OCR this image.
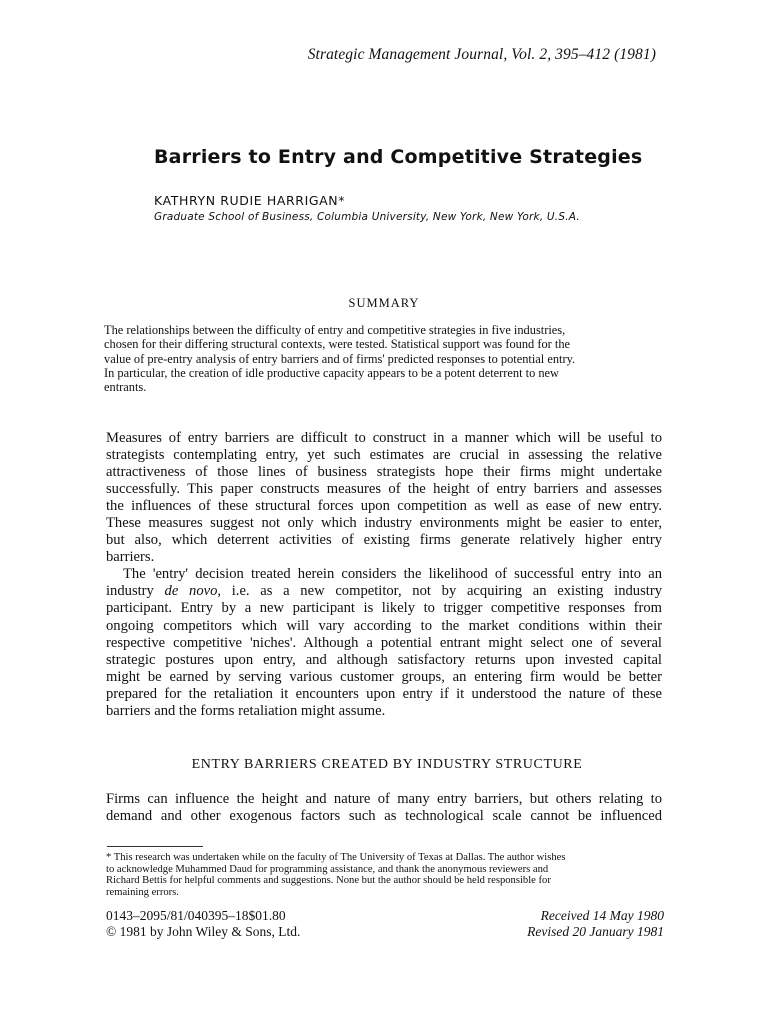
Strategic Management Journal, Vol. 2, 395–412 (1981)
Barriers to Entry and Competitive Strategies
KATHRYN RUDIE HARRIGAN*
Graduate School of Business, Columbia University, New York, New York, U.S.A.
SUMMARY
The relationships between the difficulty of entry and competitive strategies in five industries,
chosen for their differing structural contexts, were tested. Statistical support was found for the
value of pre-entry analysis of entry barriers and of firms' predicted responses to potential entry.
In particular, the creation of idle productive capacity appears to be a potent deterrent to new
entrants.
Measures of entry barriers are difficult to construct in a manner which will be useful to
strategists contemplating entry, yet such estimates are crucial in assessing the relative
attractiveness of those lines of business strategists hope their firms might undertake
successfully. This paper constructs measures of the height of entry barriers and assesses
the influences of these structural forces upon competition as well as ease of new entry.
These measures suggest not only which industry environments might be easier to enter,
but also, which deterrent activities of existing firms generate relatively higher entry
barriers.
The 'entry' decision treated herein considers the likelihood of successful entry into an
industry de novo, i.e. as a new competitor, not by acquiring an existing industry
participant. Entry by a new participant is likely to trigger competitive responses from
ongoing competitors which will vary according to the market conditions within their
respective competitive 'niches'. Although a potential entrant might select one of several
strategic postures upon entry, and although satisfactory returns upon invested capital
might be earned by serving various customer groups, an entering firm would be better
prepared for the retaliation it encounters upon entry if it understood the nature of these
barriers and the forms retaliation might assume.
ENTRY BARRIERS CREATED BY INDUSTRY STRUCTURE
Firms can influence the height and nature of many entry barriers, but others relating to
demand and other exogenous factors such as technological scale cannot be influenced
* This research was undertaken while on the faculty of The University of Texas at Dallas. The author wishes
to acknowledge Muhammed Daud for programming assistance, and thank the anonymous reviewers and
Richard Bettis for helpful comments and suggestions. None but the author should be held responsible for
remaining errors.
0143–2095/81/040395–18$01.80
© 1981 by John Wiley & Sons, Ltd.
Received 14 May 1980
Revised 20 January 1981
